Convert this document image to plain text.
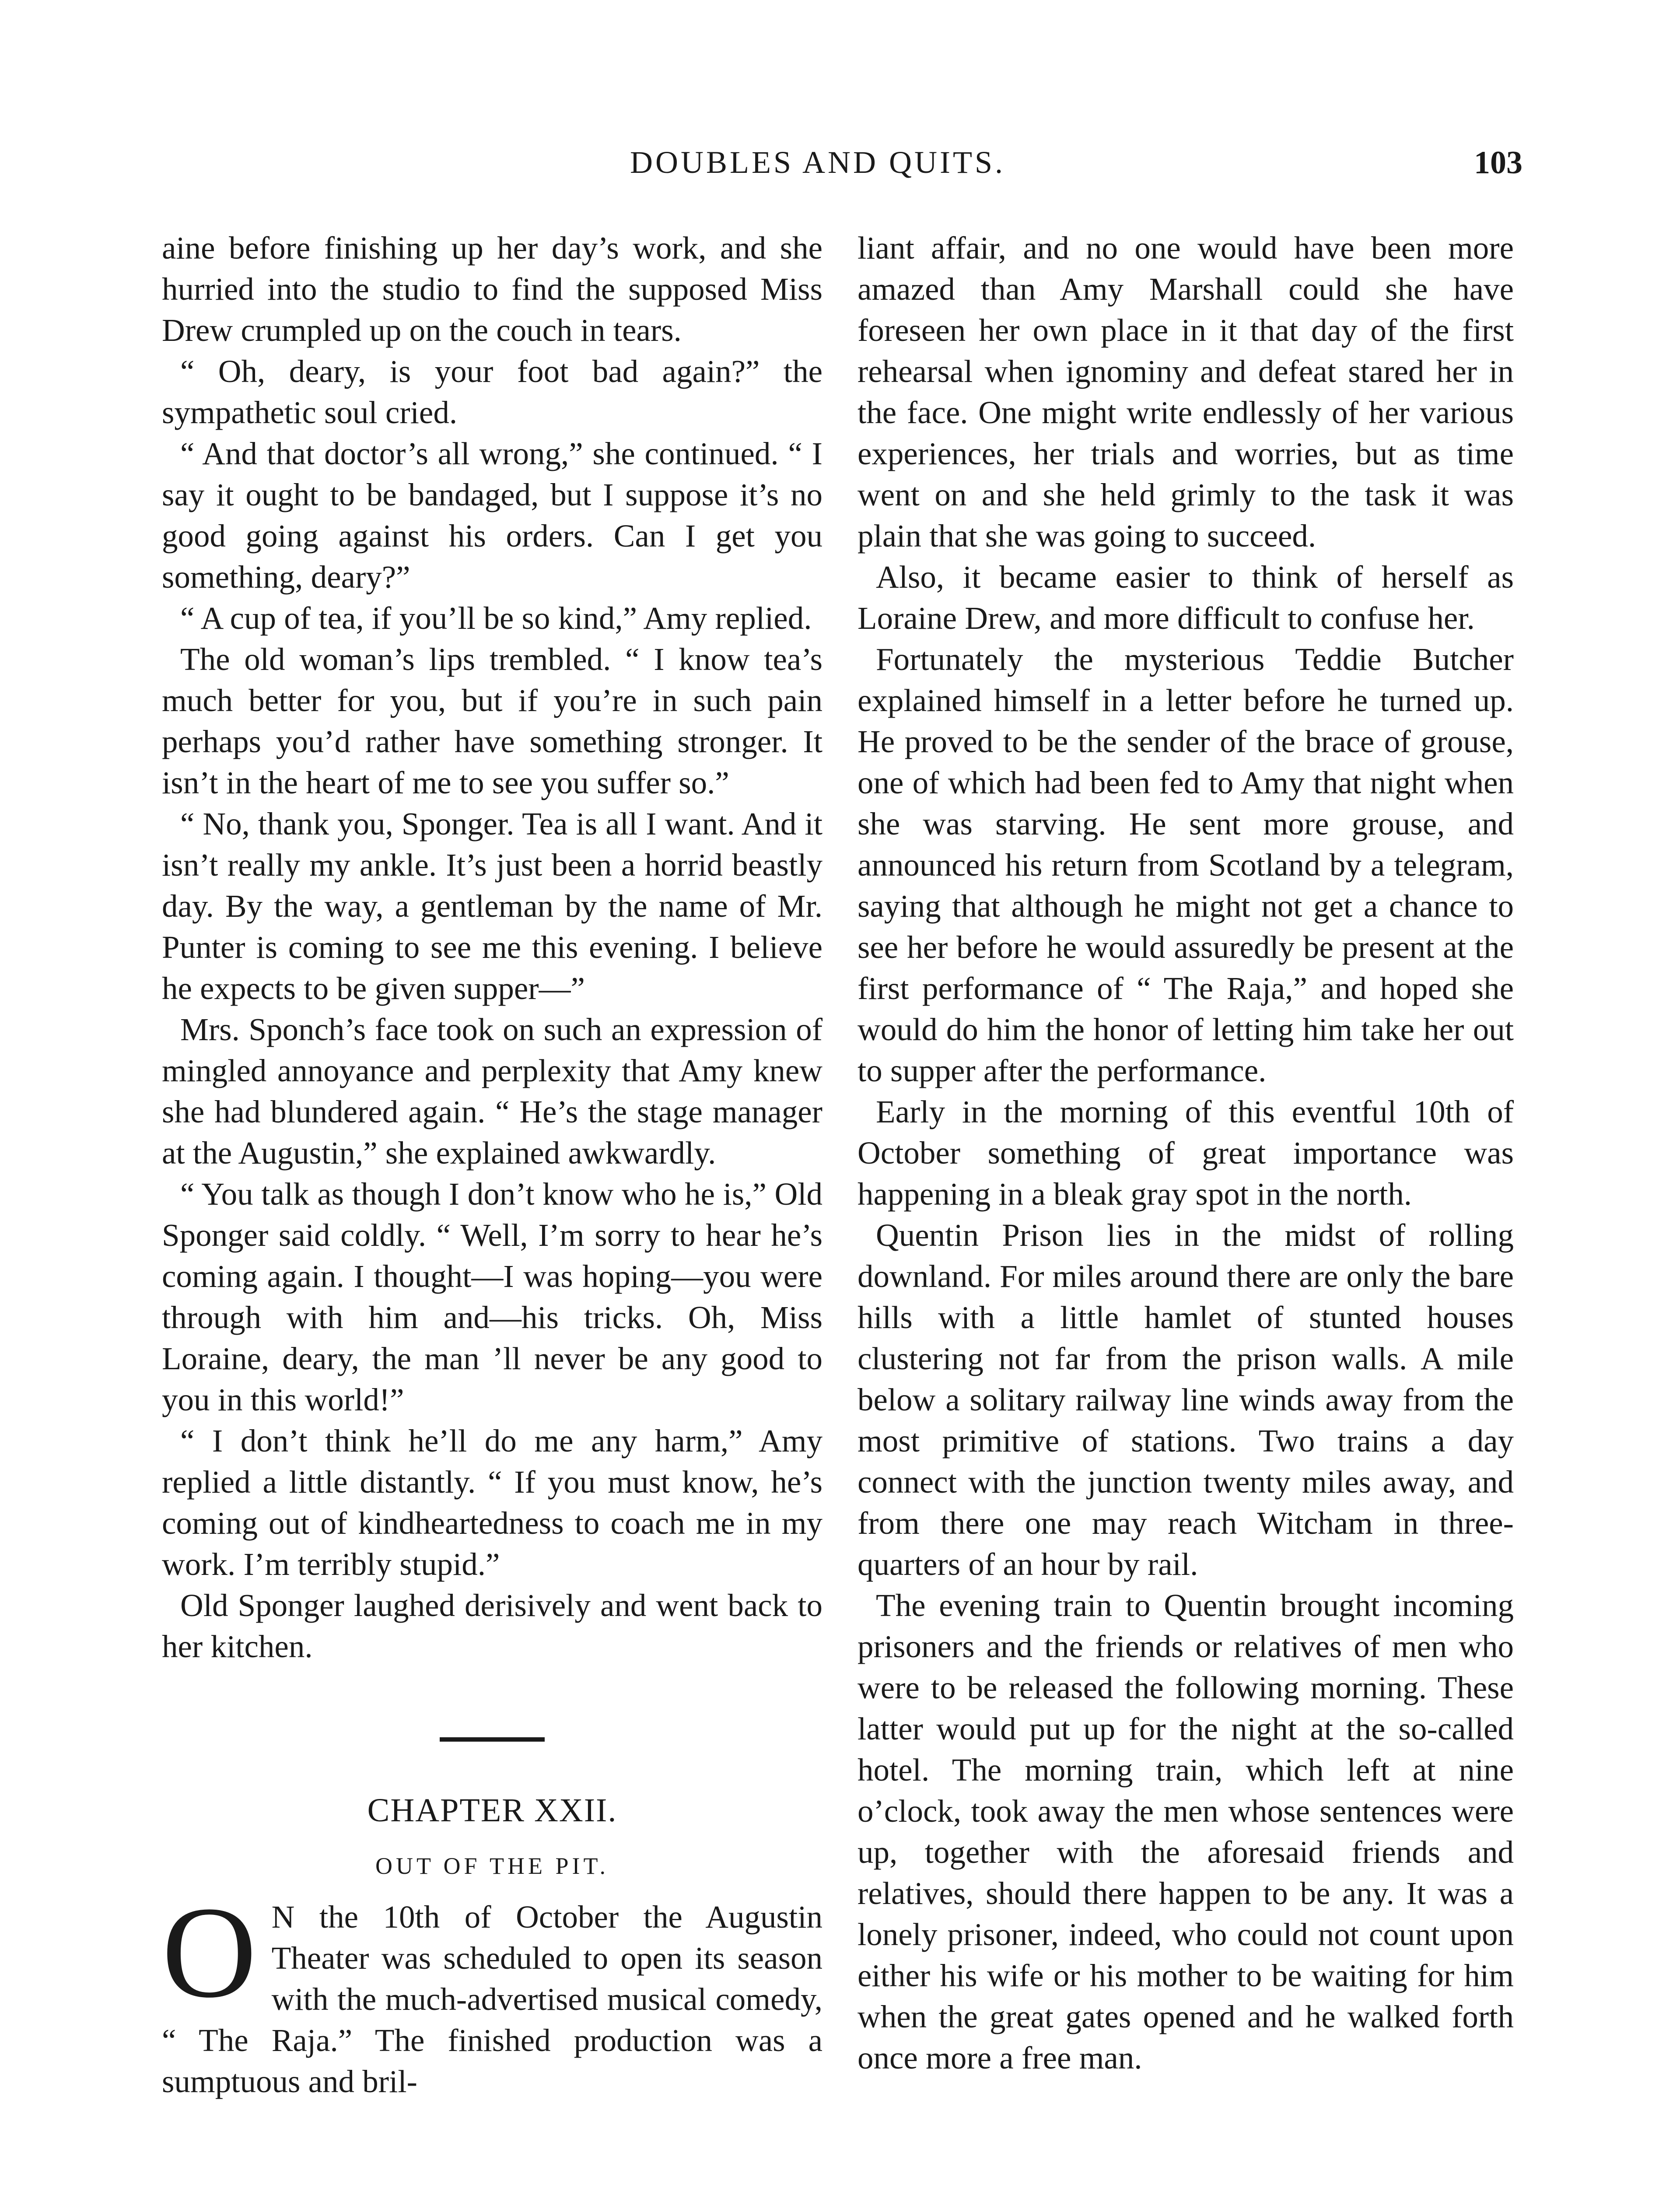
DOUBLES AND QUITS.	103

aine before finishing up her day’s work, and she hurried into the studio to find the supposed Miss Drew crumpled up on the couch in tears.

“ Oh, deary, is your foot bad again?” the sympathetic soul cried.

“ And that doctor’s all wrong,” she continued. “ I say it ought to be bandaged, but I suppose it’s no good going against his orders. Can I get you something, deary?”

“ A cup of tea, if you’ll be so kind,” Amy replied.

The old woman’s lips trembled. “ I know tea’s much better for you, but if you’re in such pain perhaps you’d rather have something stronger. It isn’t in the heart of me to see you suffer so.”

“ No, thank you, Sponger. Tea is all I want. And it isn’t really my ankle. It’s just been a horrid beastly day. By the way, a gentleman by the name of Mr. Punter is coming to see me this evening. I believe he expects to be given supper—”

Mrs. Sponch’s face took on such an expression of mingled annoyance and perplexity that Amy knew she had blundered again. “ He’s the stage manager at the Augustin,” she explained awkwardly.

“ You talk as though I don’t know who he is,” Old Sponger said coldly. “ Well, I’m sorry to hear he’s coming again. I thought—I was hoping—you were through with him and—his tricks. Oh, Miss Loraine, deary, the man ’ll never be any good to you in this world!”

“ I don’t think he’ll do me any harm,” Amy replied a little distantly. “ If you must know, he’s coming out of kindheartedness to coach me in my work. I’m terribly stupid.”

Old Sponger laughed derisively and went back to her kitchen.

CHAPTER XXII.
OUT OF THE PIT.

O N the 10th of October the Augustin Theater was scheduled to open its season with the much-advertised musical comedy, “ The Raja.” The finished production was a sumptuous and bril-

liant affair, and no one would have been more amazed than Amy Marshall could she have foreseen her own place in it that day of the first rehearsal when ignominy and defeat stared her in the face. One might write endlessly of her various experiences, her trials and worries, but as time went on and she held grimly to the task it was plain that she was going to succeed.

Also, it became easier to think of herself as Loraine Drew, and more difficult to confuse her.

Fortunately the mysterious Teddie Butcher explained himself in a letter before he turned up. He proved to be the sender of the brace of grouse, one of which had been fed to Amy that night when she was starving. He sent more grouse, and announced his return from Scotland by a telegram, saying that although he might not get a chance to see her before he would assuredly be present at the first performance of “ The Raja,” and hoped she would do him the honor of letting him take her out to supper after the performance.

Early in the morning of this eventful 10th of October something of great importance was happening in a bleak gray spot in the north.

Quentin Prison lies in the midst of rolling downland. For miles around there are only the bare hills with a little hamlet of stunted houses clustering not far from the prison walls. A mile below a solitary railway line winds away from the most primitive of stations. Two trains a day connect with the junction twenty miles away, and from there one may reach Witcham in three-quarters of an hour by rail.

The evening train to Quentin brought incoming prisoners and the friends or relatives of men who were to be released the following morning. These latter would put up for the night at the so-called hotel. The morning train, which left at nine o’clock, took away the men whose sentences were up, together with the aforesaid friends and relatives, should there happen to be any. It was a lonely prisoner, indeed, who could not count upon either his wife or his mother to be waiting for him when the great gates opened and he walked forth once more a free man.
